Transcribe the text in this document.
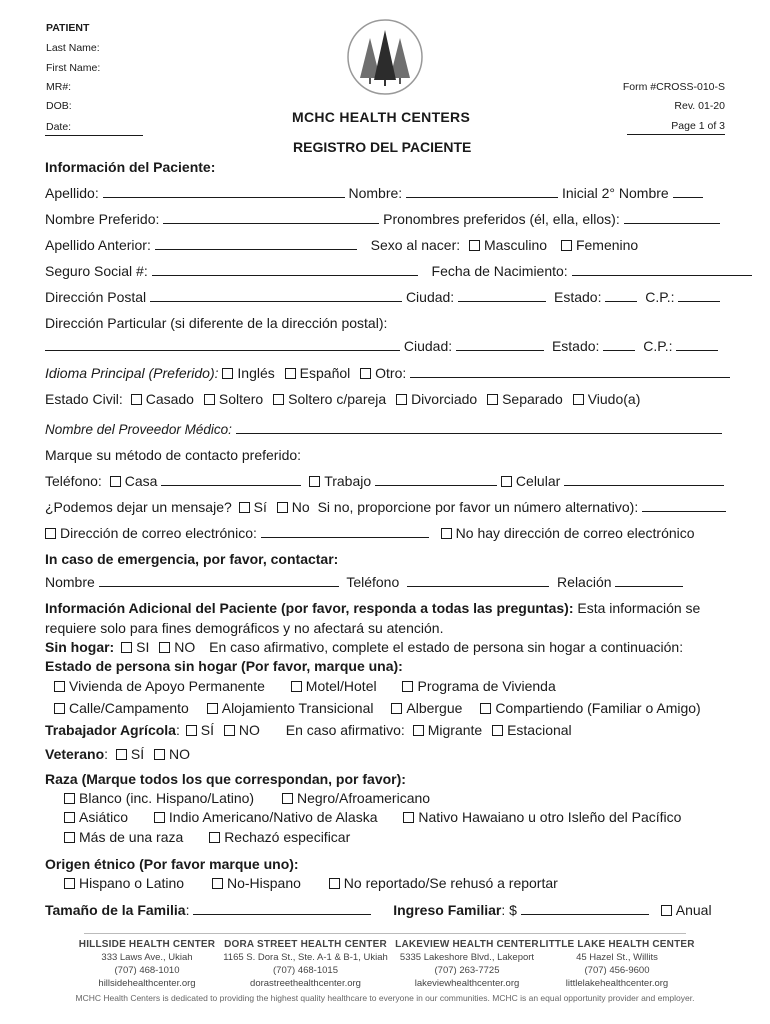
PATIENT
Last Name:
First Name:
MR#:
DOB:
Date:
MCHC HEALTH CENTERS
Form #CROSS-010-S
Rev. 01-20
Page 1 of 3
REGISTRO DEL PACIENTE
Información del Paciente:
Apellido:	Nombre:	Inicial 2° Nombre
Nombre Preferido:	Pronombres preferidos (él, ella, ellos):
Apellido Anterior:	Sexo al nacer: Masculino Femenino
Seguro Social #:	Fecha de Nacimiento:
Dirección Postal	Ciudad:	Estado:	C.P.:
Dirección Particular (si diferente de la dirección postal):
Ciudad:	Estado:	C.P.:
Idioma Principal (Preferido): Inglés Español Otro:
Estado Civil: Casado Soltero Soltero c/pareja Divorciado Separado Viudo(a)
Nombre del Proveedor Médico:
Marque su método de contacto preferido:
Teléfono: Casa	Trabajo	Celular
¿Podemos dejar un mensaje? Sí No Si no, proporcione por favor un número alternativo):
Dirección de correo electrónico:	No hay dirección de correo electrónico
In caso de emergencia, por favor, contactar:
Nombre	Teléfono	Relación
Información Adicional del Paciente (por favor, responda a todas las preguntas): Esta información se
requiere solo para fines demográficos y no afectará su atención.
Sin hogar: SI NO En caso afirmativo, complete el estado de persona sin hogar a continuación:
Estado de persona sin hogar (Por favor, marque una):
Vivienda de Apoyo Permanente	Motel/Hotel	Programa de Vivienda
Calle/Campamento Alojamiento Transicional Albergue Compartiendo (Familiar o Amigo)
Trabajador Agrícola: SÍ NO En caso afirmativo: Migrante Estacional
Veterano: SÍ NO
Raza (Marque todos los que correspondan, por favor):
Blanco (inc. Hispano/Latino)	Negro/Afroamericano
Asiático	Indio Americano/Nativo de Alaska	Nativo Hawaiano u otro Isleño del Pacífico
Más de una raza	Rechazó especificar
Origen étnico (Por favor marque uno):
Hispano o Latino	No-Hispano	No reportado/Se rehusó a reportar
Tamaño de la Familia:	Ingreso Familiar: $	Anual
HILLSIDE HEALTH CENTER
333 Laws Ave., Ukiah
(707) 468-1010
hillsidehealthcenter.org
DORA STREET HEALTH CENTER
1165 S. Dora St., Ste. A-1 & B-1, Ukiah
(707) 468-1015
dorastreethealthcenter.org
LAKEVIEW HEALTH CENTER
5335 Lakeshore Blvd., Lakeport
(707) 263-7725
lakeviewhealthcenter.org
LITTLE LAKE HEALTH CENTER
45 Hazel St., Willits
(707) 456-9600
littlelakehealthcenter.org
MCHC Health Centers is dedicated to providing the highest quality healthcare to everyone in our communities. MCHC is an equal opportunity provider and employer.
